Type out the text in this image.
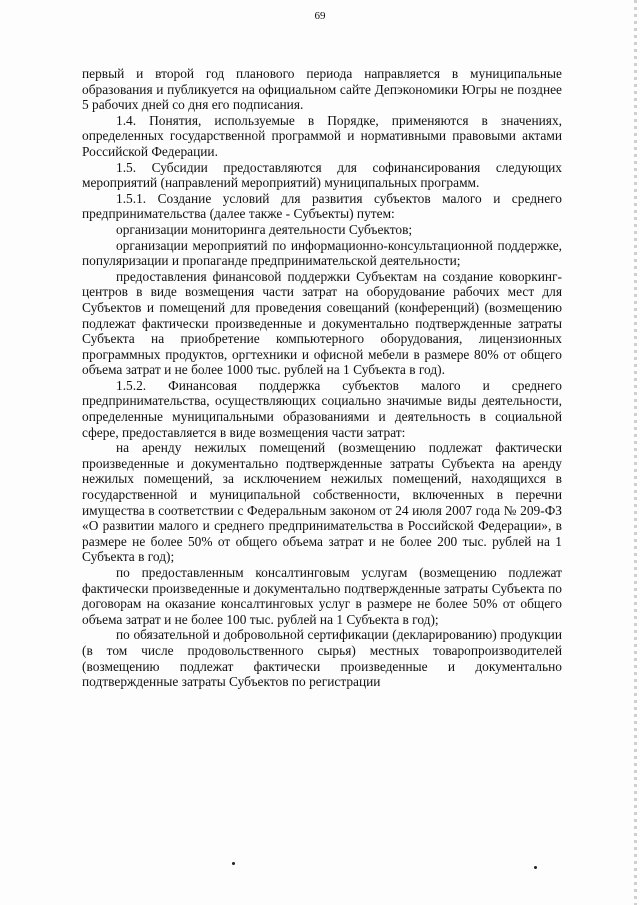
69

первый и второй год планового периода направляется в муниципальные образования и публикуется на официальном сайте Депэкономики Югры не позднее 5 рабочих дней со дня его подписания.

1.4. Понятия, используемые в Порядке, применяются в значениях, определенных государственной программой и нормативными правовыми актами Российской Федерации.

1.5. Субсидии предоставляются для софинансирования следующих мероприятий (направлений мероприятий) муниципальных программ.

1.5.1. Создание условий для развития субъектов малого и среднего предпринимательства (далее также - Субъекты) путем:

организации мониторинга деятельности Субъектов;

организации мероприятий по информационно-консультационной поддержке, популяризации и пропаганде предпринимательской деятельности;

предоставления финансовой поддержки Субъектам на создание коворкинг-центров в виде возмещения части затрат на оборудование рабочих мест для Субъектов и помещений для проведения совещаний (конференций) (возмещению подлежат фактически произведенные и документально подтвержденные затраты Субъекта на приобретение компьютерного оборудования, лицензионных программных продуктов, оргтехники и офисной мебели в размере 80% от общего объема затрат и не более 1000 тыс. рублей на 1 Субъекта в год).

1.5.2. Финансовая поддержка субъектов малого и среднего предпринимательства, осуществляющих социально значимые виды деятельности, определенные муниципальными образованиями и деятельность в социальной сфере, предоставляется в виде возмещения части затрат:

на аренду нежилых помещений (возмещению подлежат фактически произведенные и документально подтвержденные затраты Субъекта на аренду нежилых помещений, за исключением нежилых помещений, находящихся в государственной и муниципальной собственности, включенных в перечни имущества в соответствии с Федеральным законом от 24 июля 2007 года № 209-ФЗ «О развитии малого и среднего предпринимательства в Российской Федерации», в размере не более 50% от общего объема затрат и не более 200 тыс. рублей на 1 Субъекта в год);

по предоставленным консалтинговым услугам (возмещению подлежат фактически произведенные и документально подтвержденные затраты Субъекта по договорам на оказание консалтинговых услуг в размере не более 50% от общего объема затрат и не более 100 тыс. рублей на 1 Субъекта в год);

по обязательной и добровольной сертификации (декларированию) продукции (в том числе продовольственного сырья) местных товаропроизводителей (возмещению подлежат фактически произведенные и документально подтвержденные затраты Субъектов по регистрации
